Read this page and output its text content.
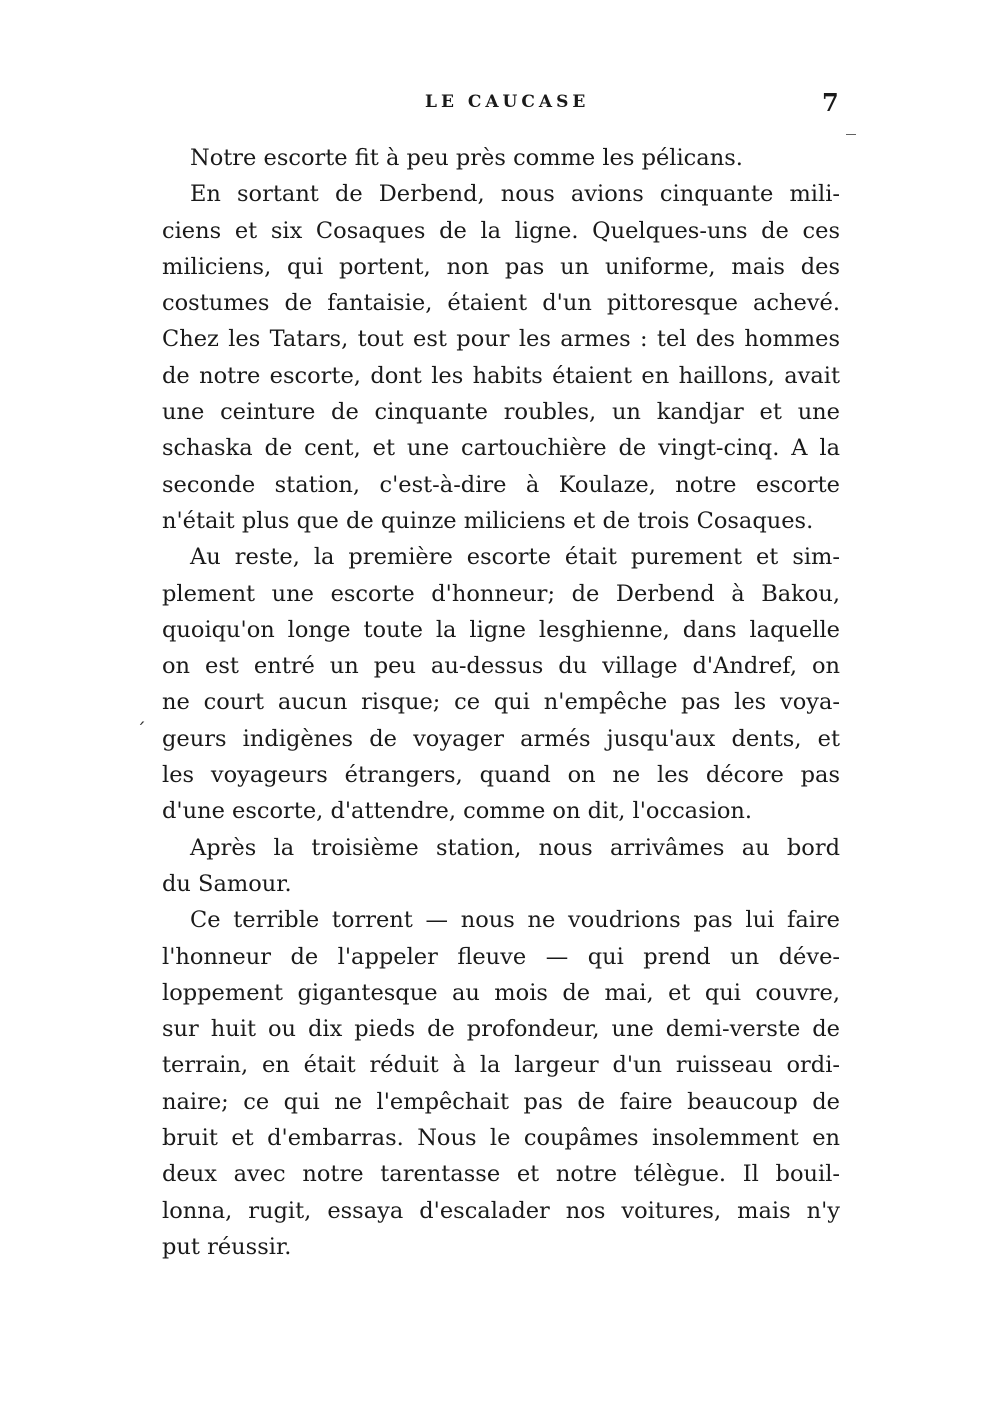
LE CAUCASE	7
‾
ˊ
Notre escorte fit à peu près comme les pélicans.
En sortant de Derbend, nous avions cinquante mili-
ciens et six Cosaques de la ligne. Quelques-uns de ces
miliciens, qui portent, non pas un uniforme, mais des
costumes de fantaisie, étaient d'un pittoresque achevé.
Chez les Tatars, tout est pour les armes : tel des hommes
de notre escorte, dont les habits étaient en haillons, avait
une ceinture de cinquante roubles, un kandjar et une
schaska de cent, et une cartouchière de vingt-cinq. A la
seconde station, c'est-à-dire à Koulaze, notre escorte
n'était plus que de quinze miliciens et de trois Cosaques.
Au reste, la première escorte était purement et sim-
plement une escorte d'honneur; de Derbend à Bakou,
quoiqu'on longe toute la ligne lesghienne, dans laquelle
on est entré un peu au-dessus du village d'Andref, on
ne court aucun risque; ce qui n'empêche pas les voya-
geurs indigènes de voyager armés jusqu'aux dents, et
les voyageurs étrangers, quand on ne les décore pas
d'une escorte, d'attendre, comme on dit, l'occasion.
Après la troisième station, nous arrivâmes au bord
du Samour.
Ce terrible torrent — nous ne voudrions pas lui faire
l'honneur de l'appeler fleuve — qui prend un déve-
loppement gigantesque au mois de mai, et qui couvre,
sur huit ou dix pieds de profondeur, une demi-verste de
terrain, en était réduit à la largeur d'un ruisseau ordi-
naire; ce qui ne l'empêchait pas de faire beaucoup de
bruit et d'embarras. Nous le coupâmes insolemment en
deux avec notre tarentasse et notre télègue. Il bouil-
lonna, rugit, essaya d'escalader nos voitures, mais n'y
put réussir.
